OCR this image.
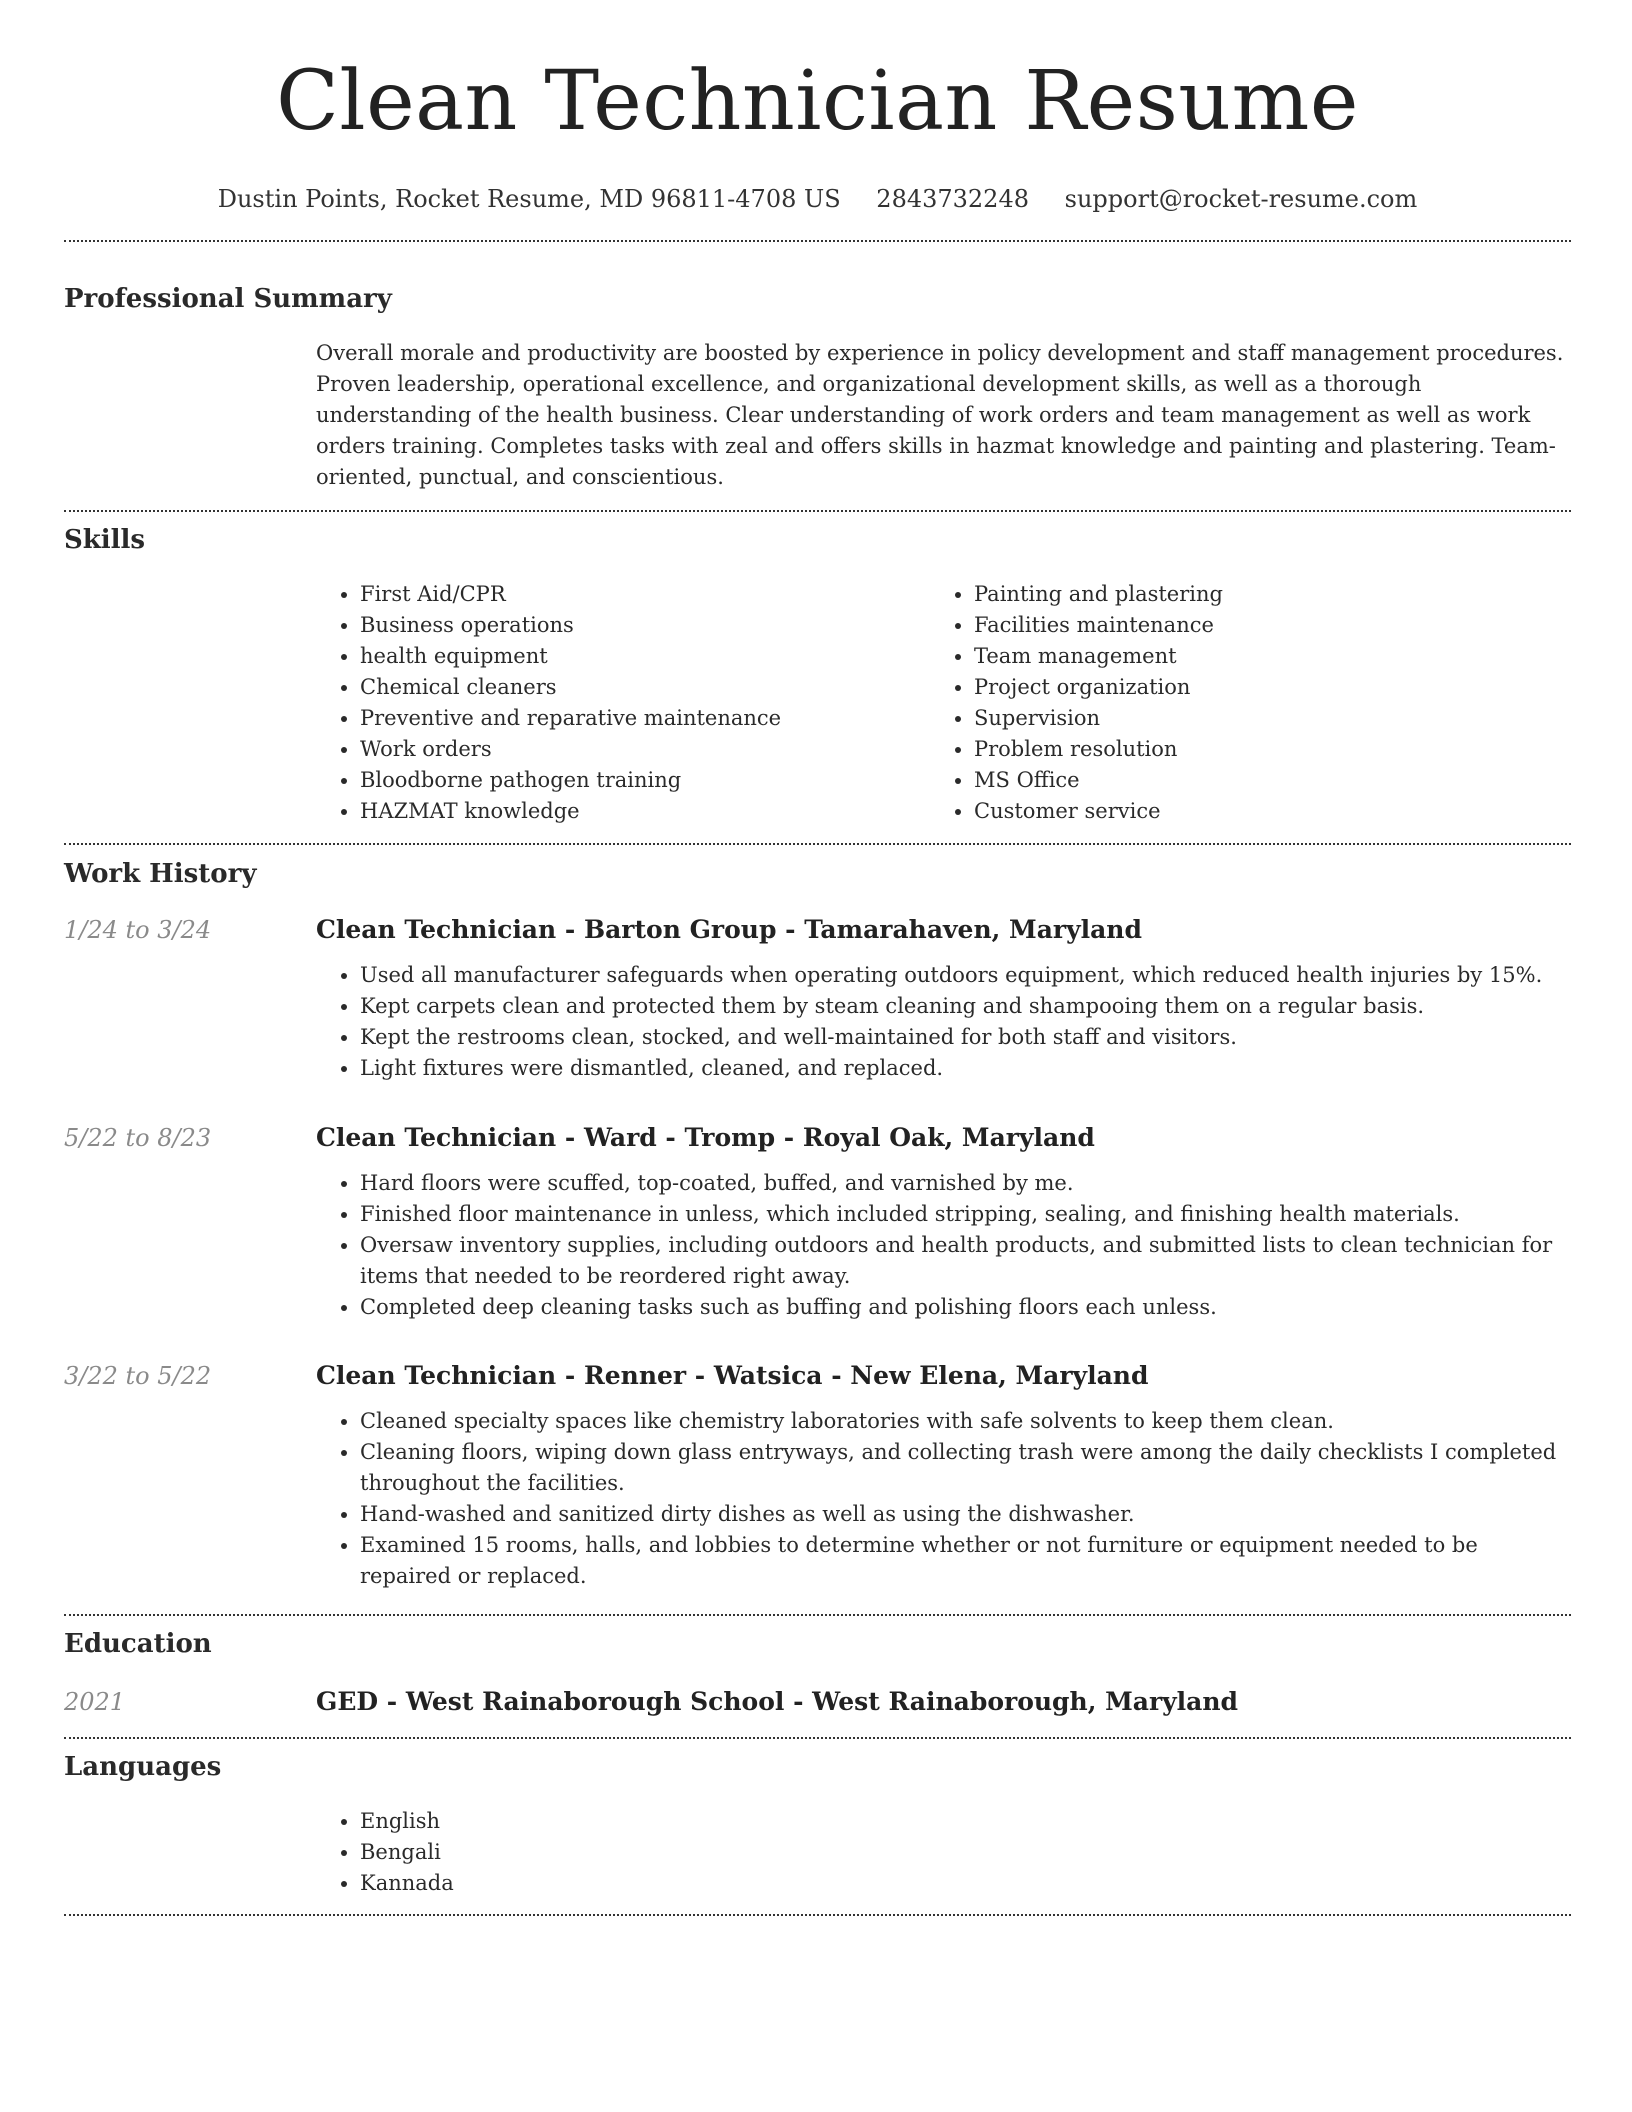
Clean Technician Resume
Dustin Points, Rocket Resume, MD 96811-4708 US 2843732248 support@rocket-resume.com
Professional Summary

Overall morale and productivity are boosted by experience in policy development and staff management procedures. Proven leadership, operational excellence, and organizational development skills, as well as a thorough understanding of the health business. Clear understanding of work orders and team management as well as work orders training. Completes tasks with zeal and offers skills in hazmat knowledge and painting and plastering. Team-oriented, punctual, and conscientious.

Skills
• First Aid/CPR
• Business operations
• health equipment
• Chemical cleaners
• Preventive and reparative maintenance
• Work orders
• Bloodborne pathogen training
• HAZMAT knowledge
• Painting and plastering
• Facilities maintenance
• Team management
• Project organization
• Supervision
• Problem resolution
• MS Office
• Customer service
Work History
1/24 to 3/24	Clean Technician - Barton Group - Tamarahaven, Maryland
• Used all manufacturer safeguards when operating outdoors equipment, which reduced health injuries by 15%.
• Kept carpets clean and protected them by steam cleaning and shampooing them on a regular basis.
• Kept the restrooms clean, stocked, and well-maintained for both staff and visitors.
• Light fixtures were dismantled, cleaned, and replaced.
5/22 to 8/23	Clean Technician - Ward - Tromp - Royal Oak, Maryland
• Hard floors were scuffed, top-coated, buffed, and varnished by me.
• Finished floor maintenance in unless, which included stripping, sealing, and finishing health materials.
• Oversaw inventory supplies, including outdoors and health products, and submitted lists to clean technician for items that needed to be reordered right away.
• Completed deep cleaning tasks such as buffing and polishing floors each unless.
3/22 to 5/22	Clean Technician - Renner - Watsica - New Elena, Maryland
• Cleaned specialty spaces like chemistry laboratories with safe solvents to keep them clean.
• Cleaning floors, wiping down glass entryways, and collecting trash were among the daily checklists I completed throughout the facilities.
• Hand-washed and sanitized dirty dishes as well as using the dishwasher.
• Examined 15 rooms, halls, and lobbies to determine whether or not furniture or equipment needed to be repaired or replaced.
Education
2021	GED - West Rainaborough School - West Rainaborough, Maryland
Languages
• English
• Bengali
• Kannada
